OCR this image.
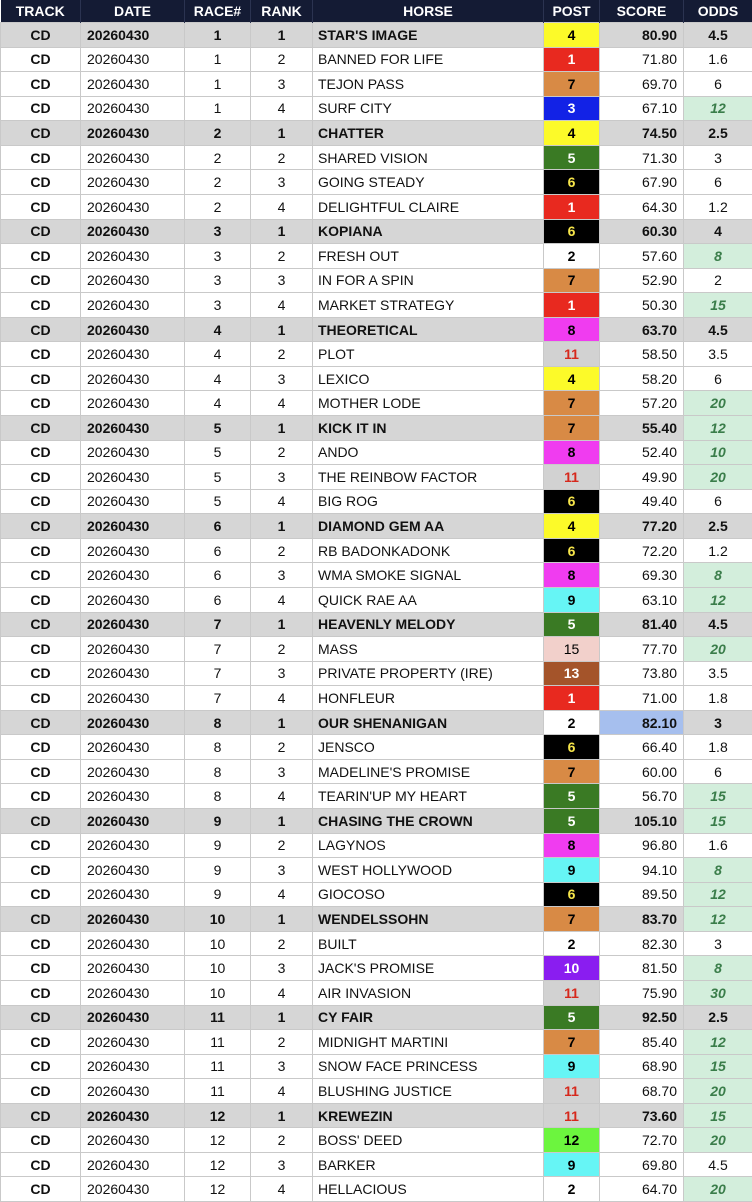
TRACK	DATE	RACE#	RANK	HORSE	POST	SCORE	ODDS
CD	20260430	1	1	STAR'S IMAGE	4	80.90	4.5
CD	20260430	1	2	BANNED FOR LIFE	1	71.80	1.6
CD	20260430	1	3	TEJON PASS	7	69.70	6
CD	20260430	1	4	SURF CITY	3	67.10	12
CD	20260430	2	1	CHATTER	4	74.50	2.5
CD	20260430	2	2	SHARED VISION	5	71.30	3
CD	20260430	2	3	GOING STEADY	6	67.90	6
CD	20260430	2	4	DELIGHTFUL CLAIRE	1	64.30	1.2
CD	20260430	3	1	KOPIANA	6	60.30	4
CD	20260430	3	2	FRESH OUT	2	57.60	8
CD	20260430	3	3	IN FOR A SPIN	7	52.90	2
CD	20260430	3	4	MARKET STRATEGY	1	50.30	15
CD	20260430	4	1	THEORETICAL	8	63.70	4.5
CD	20260430	4	2	PLOT	11	58.50	3.5
CD	20260430	4	3	LEXICO	4	58.20	6
CD	20260430	4	4	MOTHER LODE	7	57.20	20
CD	20260430	5	1	KICK IT IN	7	55.40	12
CD	20260430	5	2	ANDO	8	52.40	10
CD	20260430	5	3	THE REINBOW FACTOR	11	49.90	20
CD	20260430	5	4	BIG ROG	6	49.40	6
CD	20260430	6	1	DIAMOND GEM AA	4	77.20	2.5
CD	20260430	6	2	RB BADONKADONK	6	72.20	1.2
CD	20260430	6	3	WMA SMOKE SIGNAL	8	69.30	8
CD	20260430	6	4	QUICK RAE AA	9	63.10	12
CD	20260430	7	1	HEAVENLY MELODY	5	81.40	4.5
CD	20260430	7	2	MASS	15	77.70	20
CD	20260430	7	3	PRIVATE PROPERTY (IRE)	13	73.80	3.5
CD	20260430	7	4	HONFLEUR	1	71.00	1.8
CD	20260430	8	1	OUR SHENANIGAN	2	82.10	3
CD	20260430	8	2	JENSCO	6	66.40	1.8
CD	20260430	8	3	MADELINE'S PROMISE	7	60.00	6
CD	20260430	8	4	TEARIN'UP MY HEART	5	56.70	15
CD	20260430	9	1	CHASING THE CROWN	5	105.10	15
CD	20260430	9	2	LAGYNOS	8	96.80	1.6
CD	20260430	9	3	WEST HOLLYWOOD	9	94.10	8
CD	20260430	9	4	GIOCOSO	6	89.50	12
CD	20260430	10	1	WENDELSSOHN	7	83.70	12
CD	20260430	10	2	BUILT	2	82.30	3
CD	20260430	10	3	JACK'S PROMISE	10	81.50	8
CD	20260430	10	4	AIR INVASION	11	75.90	30
CD	20260430	11	1	CY FAIR	5	92.50	2.5
CD	20260430	11	2	MIDNIGHT MARTINI	7	85.40	12
CD	20260430	11	3	SNOW FACE PRINCESS	9	68.90	15
CD	20260430	11	4	BLUSHING JUSTICE	11	68.70	20
CD	20260430	12	1	KREWEZIN	11	73.60	15
CD	20260430	12	2	BOSS' DEED	12	72.70	20
CD	20260430	12	3	BARKER	9	69.80	4.5
CD	20260430	12	4	HELLACIOUS	2	64.70	20
